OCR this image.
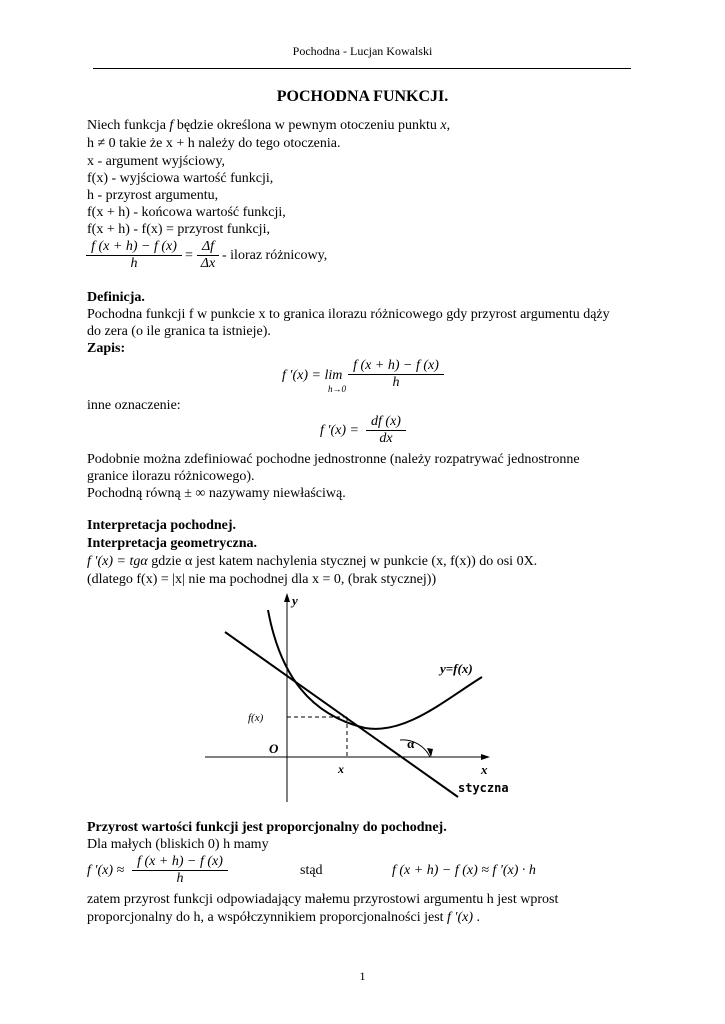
Pochodna - Lucjan Kowalski
POCHODNA FUNKCJI.
Niech funkcja f będzie określona w pewnym otoczeniu punktu x,
h ≠ 0 takie że x + h należy do tego otoczenia.
x - argument wyjściowy,
f(x) - wyjściowa wartość funkcji,
h - przyrost argumentu,
f(x + h) - końcowa wartość funkcji,
f(x + h) - f(x) = przyrost funkcji,
$\frac{f (x + h) - f (x)}{h} = \frac{\Delta f}{\Delta x}$ - iloraz różnicowy,
Definicja.
Pochodna funkcji f w punkcie x to granica ilorazu różnicowego gdy przyrost argumentu dąży
do zera (o ile granica ta istnieje).
Zapis:
f ′(x) = lim
$h\to 0 \frac{f (x + h) - f (x)}{h}$
inne oznaczenie:
f $'(x) = \frac{df (x)}{dx}$
Podobnie można zdefiniować pochodne jednostronne (należy rozpatrywać jednostronne
granice ilorazu różnicowego).
Pochodną równą ± ∞ nazywamy niewłaściwą.
Interpretacja pochodnej.
Interpretacja geometryczna.
f ′(x) = tgα gdzie α jest katem nachylenia stycznej w punkcie (x, f(x)) do osi 0X.
(dlatego f(x) = |x| nie ma pochodnej dla x = 0, (brak stycznej))
y
x
y=f(x)
f(x)
O
x
α
styczna
Przyrost wartości funkcji jest proporcjonalny do pochodnej.
Dla małych (bliskich 0) h mamy
f $'(x) \approx \frac{f (x + h) - f (x)}{h}$	stąd	f (x + h) − f (x) ≈ f ′(x) · h
zatem przyrost funkcji odpowiadający małemu przyrostowi argumentu h jest wprost
proporcjonalny do h, a współczynnikiem proporcjonalności jest f ′(x) .
1
